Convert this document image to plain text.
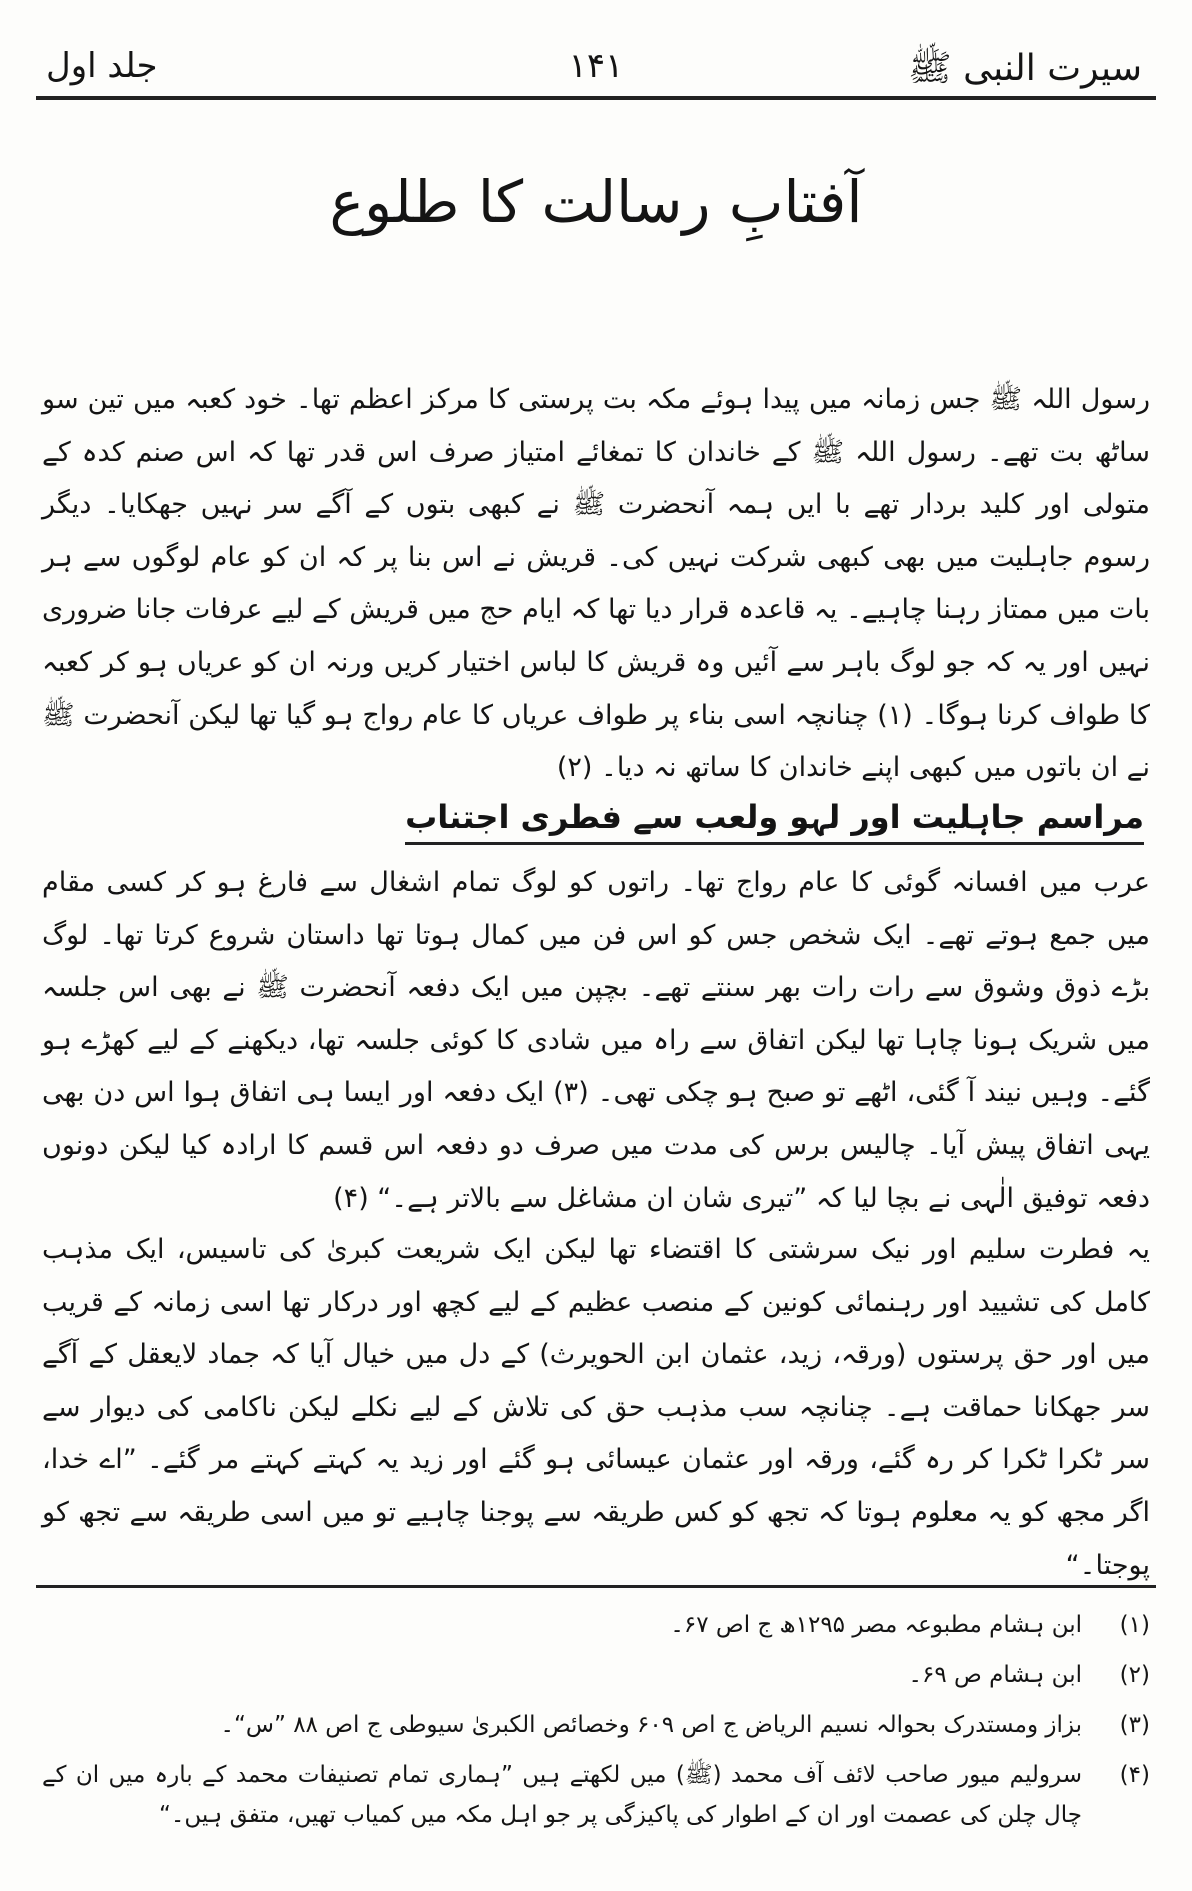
سیرت النبی ﷺ
۱۴۱
جلد اول
آفتابِ رسالت کا طلوع

رسول اللہ ﷺ جس زمانہ میں پیدا ہوئے مکہ بت پرستی کا مرکز اعظم تھا۔ خود کعبہ میں تین سو ساٹھ بت تھے۔ رسول اللہ ﷺ کے خاندان کا تمغائے امتیاز صرف اس قدر تھا کہ اس صنم کدہ کے متولی اور کلید بردار تھے با ایں ہمہ آنحضرت ﷺ نے کبھی بتوں کے آگے سر نہیں جھکایا۔ دیگر رسوم جاہلیت میں بھی کبھی شرکت نہیں کی۔ قریش نے اس بنا پر کہ ان کو عام لوگوں سے ہر بات میں ممتاز رہنا چاہیے۔ یہ قاعدہ قرار دیا تھا کہ ایام حج میں قریش کے لیے عرفات جانا ضروری نہیں اور یہ کہ جو لوگ باہر سے آئیں وہ قریش کا لباس اختیار کریں ورنہ ان کو عریاں ہو کر کعبہ کا طواف کرنا ہوگا۔ (۱) چنانچہ اسی بناء پر طواف عریاں کا عام رواج ہو گیا تھا لیکن آنحضرت ﷺ نے ان باتوں میں کبھی اپنے خاندان کا ساتھ نہ دیا۔ (۲)

مراسم جاہلیت اور لہو ولعب سے فطری اجتناب

عرب میں افسانہ گوئی کا عام رواج تھا۔ راتوں کو لوگ تمام اشغال سے فارغ ہو کر کسی مقام میں جمع ہوتے تھے۔ ایک شخص جس کو اس فن میں کمال ہوتا تھا داستان شروع کرتا تھا۔ لوگ بڑے ذوق وشوق سے رات رات بھر سنتے تھے۔ بچپن میں ایک دفعہ آنحضرت ﷺ نے بھی اس جلسہ میں شریک ہونا چاہا تھا لیکن اتفاق سے راہ میں شادی کا کوئی جلسہ تھا، دیکھنے کے لیے کھڑے ہو گئے۔ وہیں نیند آ گئی، اٹھے تو صبح ہو چکی تھی۔ (۳) ایک دفعہ اور ایسا ہی اتفاق ہوا اس دن بھی یہی اتفاق پیش آیا۔ چالیس برس کی مدت میں صرف دو دفعہ اس قسم کا ارادہ کیا لیکن دونوں دفعہ توفیق الٰہی نے بچا لیا کہ ”تیری شان ان مشاغل سے بالاتر ہے۔“ (۴)

یہ فطرت سلیم اور نیک سرشتی کا اقتضاء تھا لیکن ایک شریعت کبریٰ کی تاسیس، ایک مذہب کامل کی تشیید اور رہنمائی کونین کے منصب عظیم کے لیے کچھ اور درکار تھا اسی زمانہ کے قریب میں اور حق پرستوں (ورقہ، زید، عثمان ابن الحویرث) کے دل میں خیال آیا کہ جماد لایعقل کے آگے سر جھکانا حماقت ہے۔ چنانچہ سب مذہب حق کی تلاش کے لیے نکلے لیکن ناکامی کی دیوار سے سر ٹکرا ٹکرا کر رہ گئے، ورقہ اور عثمان عیسائی ہو گئے اور زید یہ کہتے کہتے مر گئے۔ ”اے خدا، اگر مجھ کو یہ معلوم ہوتا کہ تجھ کو کس طریقہ سے پوجنا چاہیے تو میں اسی طریقہ سے تجھ کو پوجتا۔“

(۱)
ابن ہشام مطبوعہ مصر ۱۲۹۵ھ ج اص ۶۷۔
(۲)
ابن ہشام ص ۶۹۔
(۳)
بزاز ومستدرک بحوالہ نسیم الریاض ج اص ۶۰۹ وخصائص الکبریٰ سیوطی ج اص ۸۸ ”س“۔
(۴)
سرولیم میور صاحب لائف آف محمد (ﷺ) میں لکھتے ہیں ”ہماری تمام تصنیفات محمد کے بارہ میں ان کے چال چلن کی عصمت اور ان کے اطوار کی پاکیزگی پر جو اہل مکہ میں کمیاب تھیں، متفق ہیں۔“
